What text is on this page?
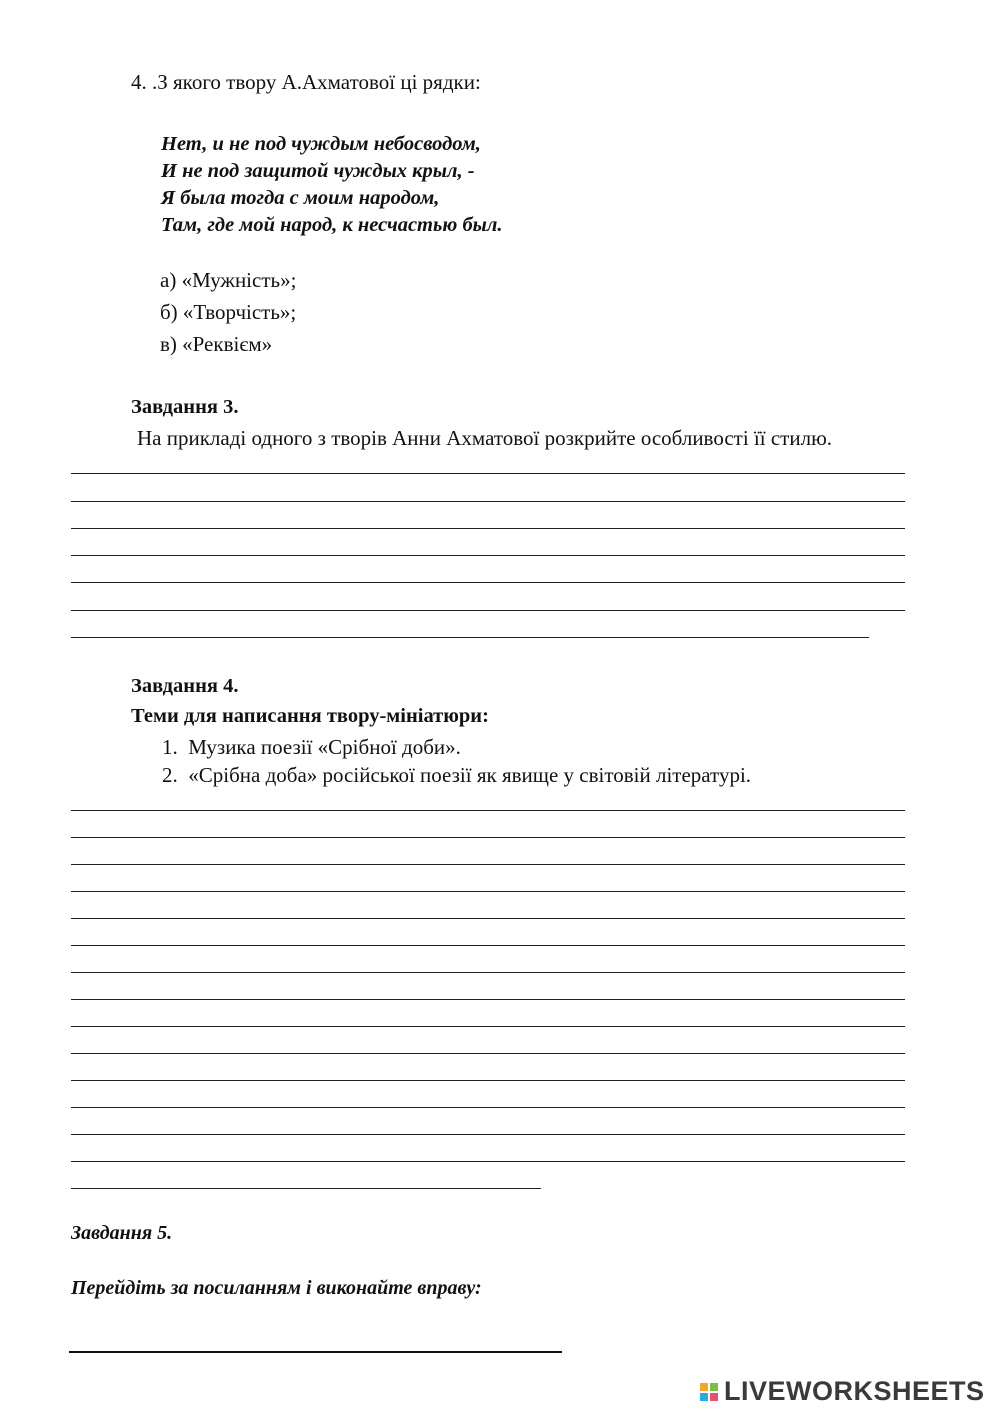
4. .З якого твору А.Ахматової ці рядки:
Нет, и не под чуждым небосводом,
И не под защитой чуждых крыл, -
Я была тогда с моим народом,
Там, где мой народ, к несчастью был.
а) «Мужність»;
б) «Творчість»;
в) «Реквієм»
Завдання 3.
На прикладі одного з творів Анни Ахматової розкрийте особливості її стилю.
Завдання 4.
Теми для написання твору-мініатюри:
1. Музика поезії «Срібної доби».
2. «Срібна доба» російської поезії як явище у світовій літературі.
Завдання 5.
Перейдіть за посиланням і виконайте вправу:
LIVEWORKSHEETS
